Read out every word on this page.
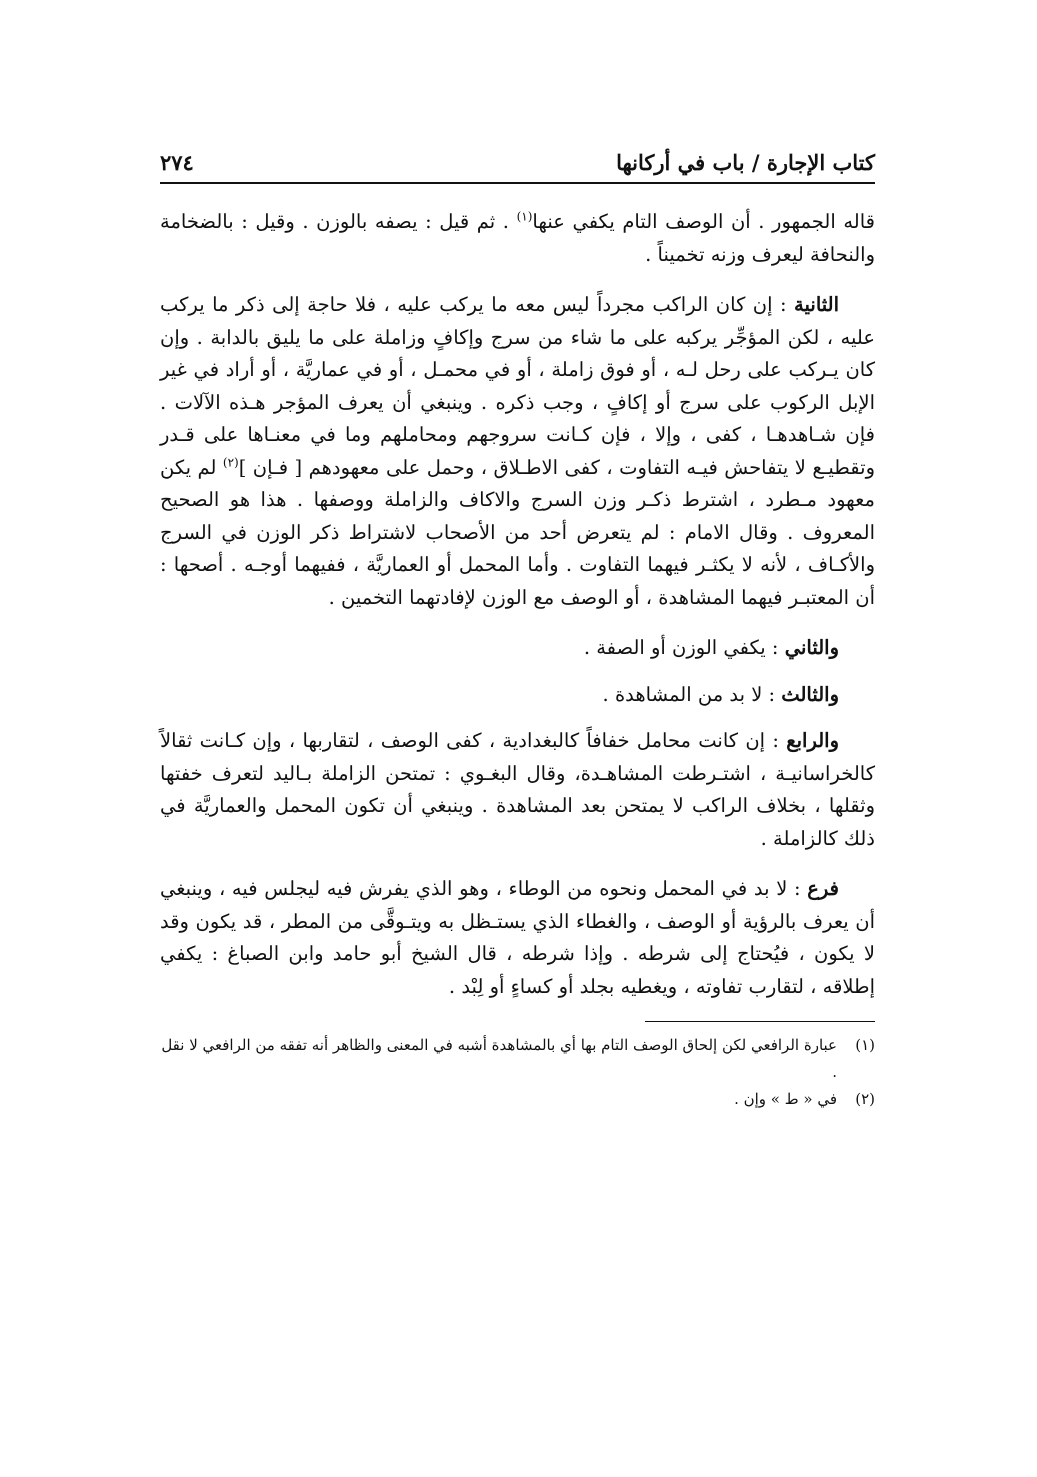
كتاب الإجارة / باب في أركانها
٢٧٤

قاله الجمهور . أن الوصف التام يكفي عنها$^{(١)}$ . ثم قيل : يصفه بالوزن . وقيل : بالضخامة والنحافة ليعرف وزنه تخميناً .

الثانية : إن كان الراكب مجرداً ليس معه ما يركب عليه ، فلا حاجة إلى ذكر ما يركب عليه ، لكن المؤجِّر يركبه على ما شاء من سرج وإكافٍ وزاملة على ما يليق بالدابة . وإن كان يـركب على رحل لـه ، أو فوق زاملة ، أو في محمـل ، أو في عماريَّة ، أو أراد في غير الإبل الركوب على سرج أو إكافٍ ، وجب ذكره . وينبغي أن يعرف المؤجر هـذه الآلات . فإن شـاهدهـا ، كفى ، وإلا ، فإن كـانت سروجهم ومحاملهم وما في معنـاها على قـدر وتقطيـع لا يتفاحش فيـه التفاوت ، كفى الاطـلاق ، وحمل على معهودهم [ فـإن ]$^{(٢)}$ لم يكن معهود مـطرد ، اشترط ذكـر وزن السرج والاكاف والزاملة ووصفها . هذا هو الصحيح المعروف . وقال الامام : لم يتعرض أحد من الأصحاب لاشتراط ذكر الوزن في السرج والأكـاف ، لأنه لا يكثـر فيهما التفاوت . وأما المحمل أو العماريَّة ، ففيهما أوجـه . أصحها : أن المعتبـر فيهما المشاهدة ، أو الوصف مع الوزن لإفادتهما التخمين .

والثاني : يكفي الوزن أو الصفة .

والثالث : لا بد من المشاهدة .

والرابع : إن كانت محامل خفافاً كالبغدادية ، كفى الوصف ، لتقاربها ، وإن كـانت ثقالاً كالخراسانيـة ، اشتـرطت المشاهـدة، وقال البغـوي : تمتحن الزاملة بـاليد لتعرف خفتها وثقلها ، بخلاف الراكب لا يمتحن بعد المشاهدة . وينبغي أن تكون المحمل والعماريَّة في ذلك كالزاملة .

فرع : لا بد في المحمل ونحوه من الوطاء ، وهو الذي يفرش فيه ليجلس فيه ، وينبغي أن يعرف بالرؤية أو الوصف ، والغطاء الذي يستـظل به ويتـوقَّى من المطر ، قد يكون وقد لا يكون ، فيُحتاج إلى شرطه . وإذا شرطه ، قال الشيخ أبو حامد وابن الصباغ : يكفي إطلاقه ، لتقارب تفاوته ، ويغطيه بجلد أو كساءٍ أو لِبْد .

(١)
عبارة الرافعي لكن إلحاق الوصف التام بها أي بالمشاهدة أشبه في المعنى والظاهر أنه تفقه من الرافعي لا نقل .

(٢)
في « ط » وإن .
